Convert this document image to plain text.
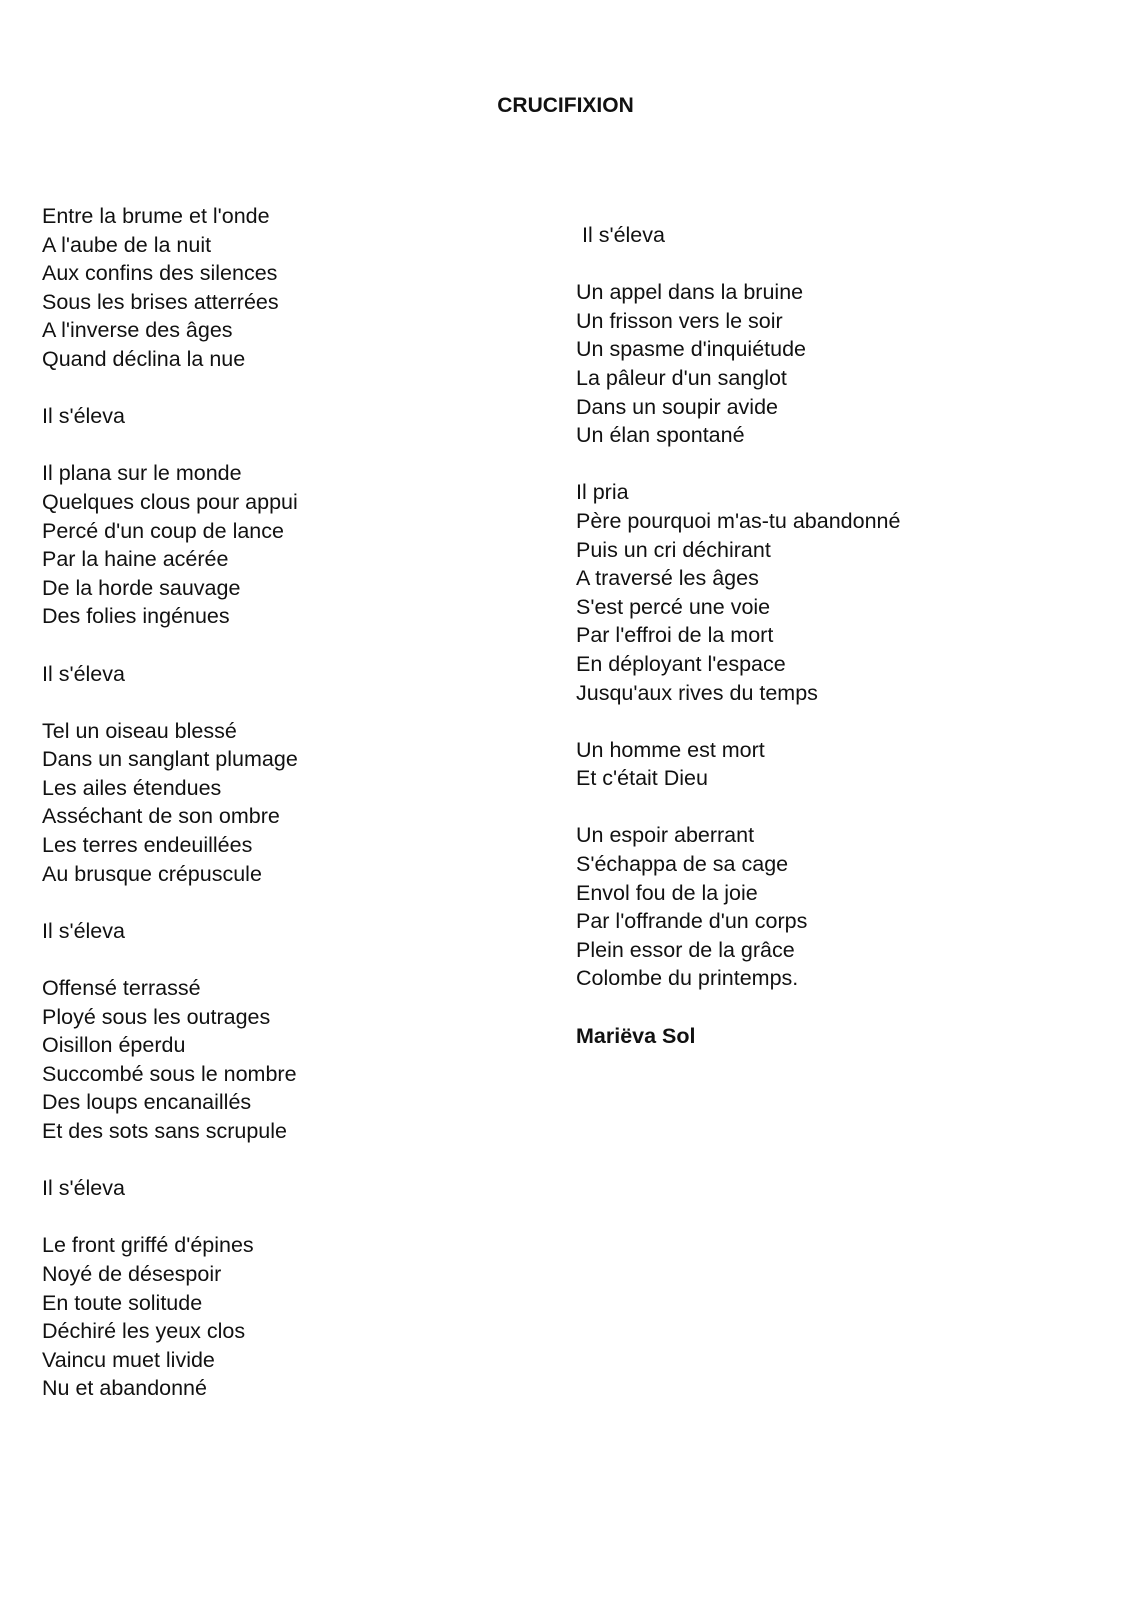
CRUCIFIXION
Entre la brume et l'onde
A l'aube de la nuit
Aux confins des silences
Sous les brises atterrées
A l'inverse des âges
Quand déclina la nue
Il s'éleva
Il plana sur le monde
Quelques clous pour appui
Percé d'un coup de lance
Par la haine acérée
De la horde sauvage
Des folies ingénues
Il s'éleva
Tel un oiseau blessé
Dans un sanglant plumage
Les ailes étendues
Asséchant de son ombre
Les terres endeuillées
Au brusque crépuscule
Il s'éleva
Offensé terrassé
Ployé sous les outrages
Oisillon éperdu
Succombé sous le nombre
Des loups encanaillés
Et des sots sans scrupule
Il s'éleva
Le front griffé d'épines
Noyé de désespoir
En toute solitude
Déchiré les yeux clos
Vaincu muet livide
Nu et abandonné
Il s'éleva
Un appel dans la bruine
Un frisson vers le soir
Un spasme d'inquiétude
La pâleur d'un sanglot
Dans un soupir avide
Un élan spontané
Il pria
Père pourquoi m'as-tu abandonné
Puis un cri déchirant
A traversé les âges
S'est percé une voie
Par l'effroi de la mort
En déployant l'espace
Jusqu'aux rives du temps
Un homme est mort
Et c'était Dieu
Un espoir aberrant
S'échappa de sa cage
Envol fou de la joie
Par l'offrande d'un corps
Plein essor de la grâce
Colombe du printemps.
Mariëva Sol
